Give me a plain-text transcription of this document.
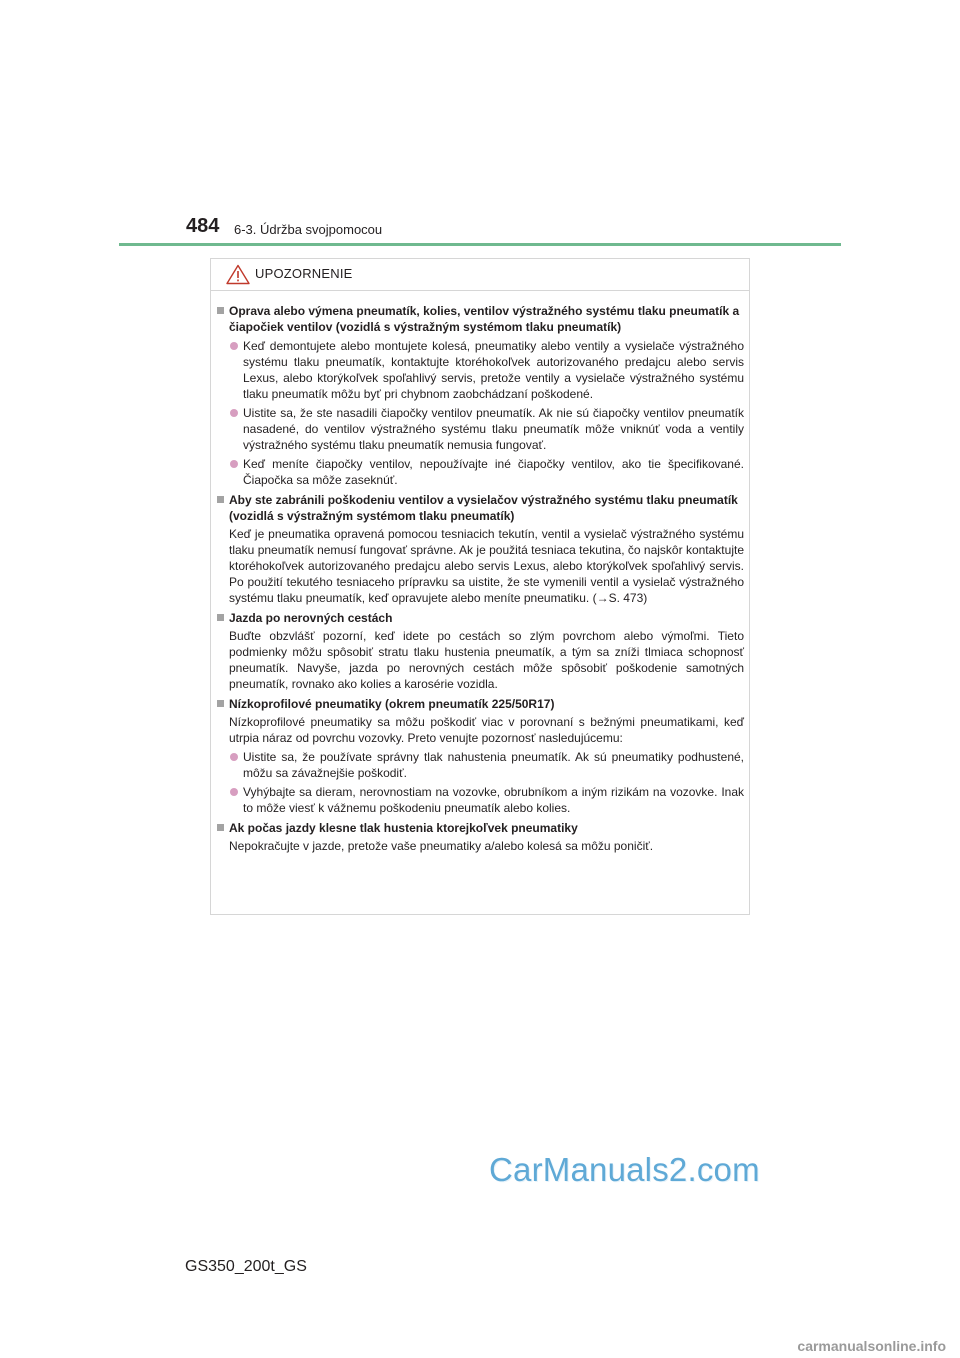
484 6-3. Údržba svojpomocou
UPOZORNENIE
Oprava alebo výmena pneumatík, kolies, ventilov výstražného systému tlaku pneumatík a čiapočiek ventilov (vozidlá s výstražným systémom tlaku pneumatík)
Keď demontujete alebo montujete kolesá, pneumatiky alebo ventily a vysielače výstražného systému tlaku pneumatík, kontaktujte ktoréhokoľvek autorizovaného predajcu alebo servis Lexus, alebo ktorýkoľvek spoľahlivý servis, pretože ventily a vysielače výstražného systému tlaku pneumatík môžu byť pri chybnom zaobchádzaní poškodené.
Uistite sa, že ste nasadili čiapočky ventilov pneumatík. Ak nie sú čiapočky ventilov pneumatík nasadené, do ventilov výstražného systému tlaku pneumatík môže vniknúť voda a ventily výstražného systému tlaku pneumatík nemusia fungovať.
Keď meníte čiapočky ventilov, nepoužívajte iné čiapočky ventilov, ako tie špecifikované. Čiapočka sa môže zaseknúť.
Aby ste zabránili poškodeniu ventilov a vysielačov výstražného systému tlaku pneumatík (vozidlá s výstražným systémom tlaku pneumatík)
Keď je pneumatika opravená pomocou tesniacich tekutín, ventil a vysielač výstražného systému tlaku pneumatík nemusí fungovať správne. Ak je použitá tesniaca tekutina, čo najskôr kontaktujte ktoréhokoľvek autorizovaného predajcu alebo servis Lexus, alebo ktorýkoľvek spoľahlivý servis. Po použití tekutého tesniaceho prípravku sa uistite, že ste vymenili ventil a vysielač výstražného systému tlaku pneumatík, keď opravujete alebo meníte pneumatiku. (→S. 473)
Jazda po nerovných cestách
Buďte obzvlášť pozorní, keď idete po cestách so zlým povrchom alebo výmoľmi. Tieto podmienky môžu spôsobiť stratu tlaku hustenia pneumatík, a tým sa zníži tlmiaca schopnosť pneumatík. Navyše, jazda po nerovných cestách môže spôsobiť poškodenie samotných pneumatík, rovnako ako kolies a karosérie vozidla.
Nízkoprofilové pneumatiky (okrem pneumatík 225/50R17)
Nízkoprofilové pneumatiky sa môžu poškodiť viac v porovnaní s bežnými pneumatikami, keď utrpia náraz od povrchu vozovky. Preto venujte pozornosť nasledujúcemu:
Uistite sa, že používate správny tlak nahustenia pneumatík. Ak sú pneumatiky podhustené, môžu sa závažnejšie poškodiť.
Vyhýbajte sa dieram, nerovnostiam na vozovke, obrubníkom a iným rizikám na vozovke. Inak to môže viesť k vážnemu poškodeniu pneumatík alebo kolies.
Ak počas jazdy klesne tlak hustenia ktorejkoľvek pneumatiky
Nepokračujte v jazde, pretože vaše pneumatiky a/alebo kolesá sa môžu poničiť.
CarManuals2.com
GS350_200t_GS
carmanualsonline.info
